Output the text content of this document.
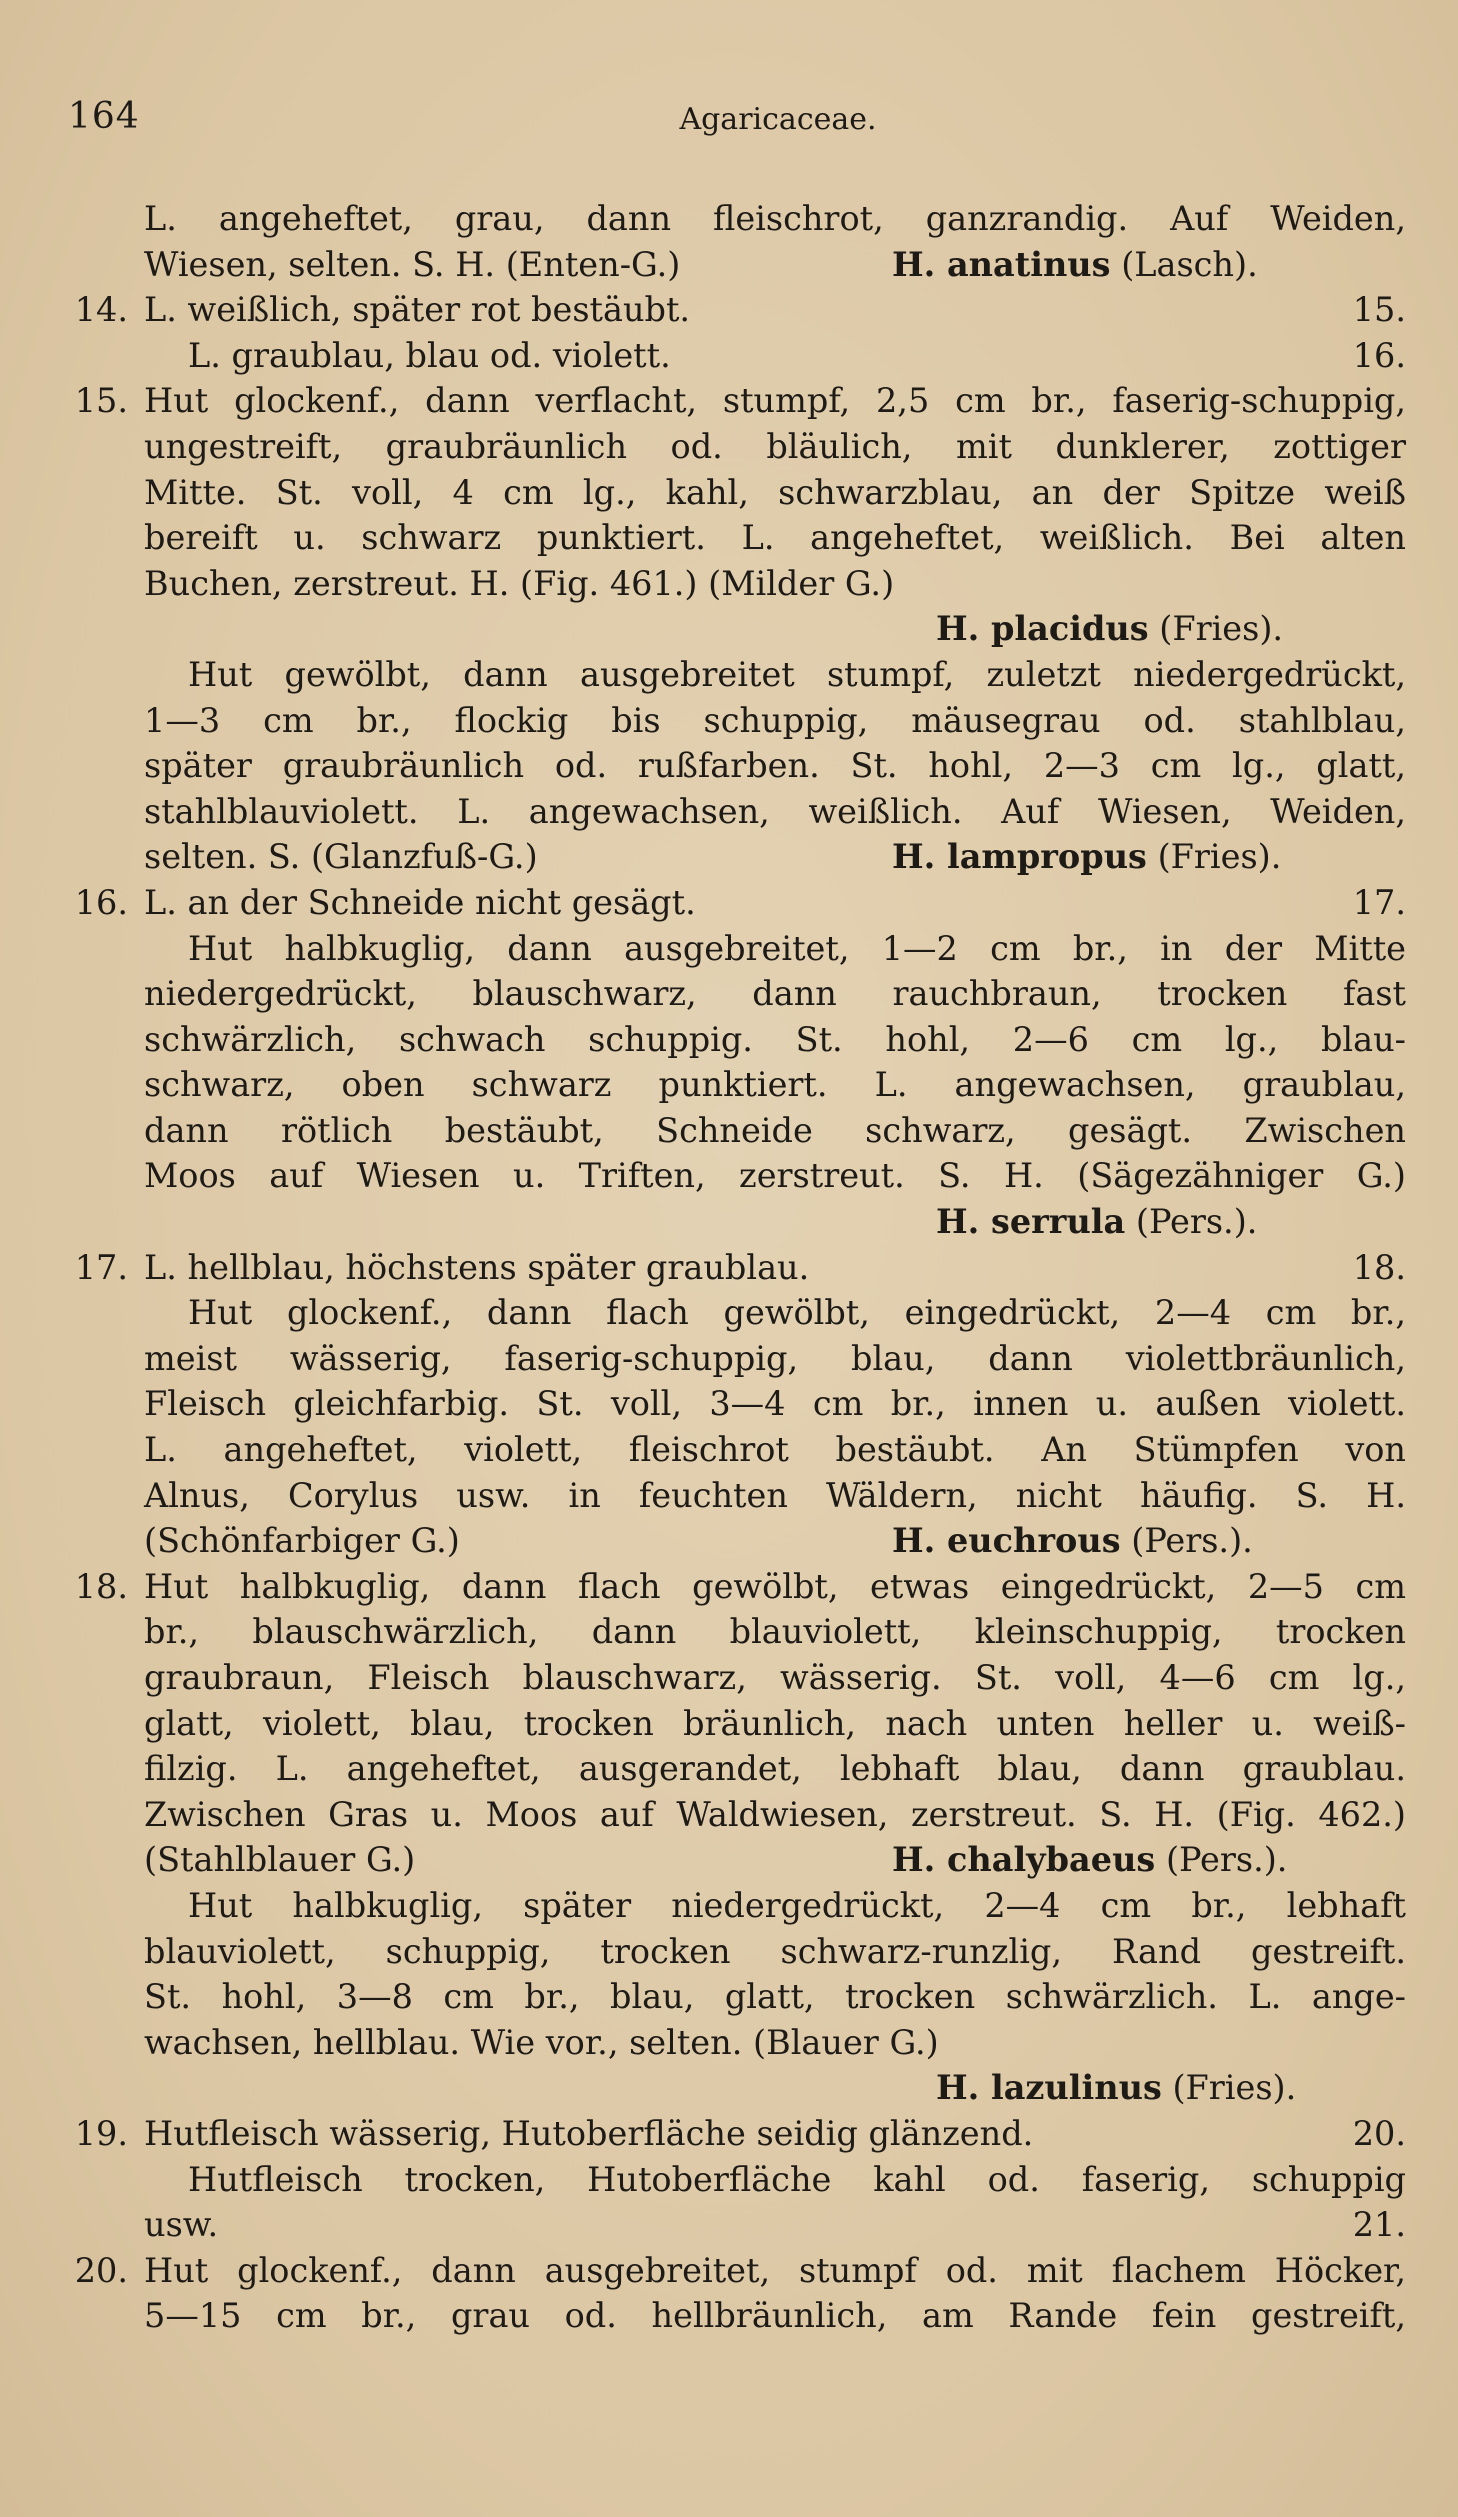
164	Agaricaceae.
L. angeheftet, grau, dann fleischrot, ganzrandig. Auf Weiden,
Wiesen, selten. S. H. (Enten-G.)	H. anatinus (Lasch).
14. L. weißlich, später rot bestäubt.	15.
L. graublau, blau od. violett.	16.
15. Hut glockenf., dann verflacht, stumpf, 2,5 cm br., faserig-schuppig,
ungestreift, graubräunlich od. bläulich, mit dunklerer, zottiger
Mitte. St. voll, 4 cm lg., kahl, schwarzblau, an der Spitze weiß
bereift u. schwarz punktiert. L. angeheftet, weißlich. Bei alten
Buchen, zerstreut. H. (Fig. 461.) (Milder G.)
H. placidus (Fries).
Hut gewölbt, dann ausgebreitet stumpf, zuletzt niedergedrückt,
1—3 cm br., flockig bis schuppig, mäusegrau od. stahlblau,
später graubräunlich od. rußfarben. St. hohl, 2—3 cm lg., glatt,
stahlblauviolett. L. angewachsen, weißlich. Auf Wiesen, Weiden,
selten. S. (Glanzfuß-G.)	H. lampropus (Fries).
16. L. an der Schneide nicht gesägt.	17.
Hut halbkuglig, dann ausgebreitet, 1—2 cm br., in der Mitte
niedergedrückt, blauschwarz, dann rauchbraun, trocken fast
schwärzlich, schwach schuppig. St. hohl, 2—6 cm lg., blau-
schwarz, oben schwarz punktiert. L. angewachsen, graublau,
dann rötlich bestäubt, Schneide schwarz, gesägt. Zwischen
Moos auf Wiesen u. Triften, zerstreut. S. H. (Sägezähniger G.)
H. serrula (Pers.).
17. L. hellblau, höchstens später graublau.	18.
Hut glockenf., dann flach gewölbt, eingedrückt, 2—4 cm br.,
meist wässerig, faserig-schuppig, blau, dann violettbräunlich,
Fleisch gleichfarbig. St. voll, 3—4 cm br., innen u. außen violett.
L. angeheftet, violett, fleischrot bestäubt. An Stümpfen von
Alnus, Corylus usw. in feuchten Wäldern, nicht häufig. S. H.
(Schönfarbiger G.)	H. euchrous (Pers.).
18. Hut halbkuglig, dann flach gewölbt, etwas eingedrückt, 2—5 cm
br., blauschwärzlich, dann blauviolett, kleinschuppig, trocken
graubraun, Fleisch blauschwarz, wässerig. St. voll, 4—6 cm lg.,
glatt, violett, blau, trocken bräunlich, nach unten heller u. weiß-
filzig. L. angeheftet, ausgerandet, lebhaft blau, dann graublau.
Zwischen Gras u. Moos auf Waldwiesen, zerstreut. S. H. (Fig. 462.)
(Stahlblauer G.)	H. chalybaeus (Pers.).
Hut halbkuglig, später niedergedrückt, 2—4 cm br., lebhaft
blauviolett, schuppig, trocken schwarz-runzlig, Rand gestreift.
St. hohl, 3—8 cm br., blau, glatt, trocken schwärzlich. L. ange-
wachsen, hellblau. Wie vor., selten. (Blauer G.)
H. lazulinus (Fries).
19. Hutfleisch wässerig, Hutoberfläche seidig glänzend.	20.
Hutfleisch trocken, Hutoberfläche kahl od. faserig, schuppig
usw.	21.
20. Hut glockenf., dann ausgebreitet, stumpf od. mit flachem Höcker,
5—15 cm br., grau od. hellbräunlich, am Rande fein gestreift,
